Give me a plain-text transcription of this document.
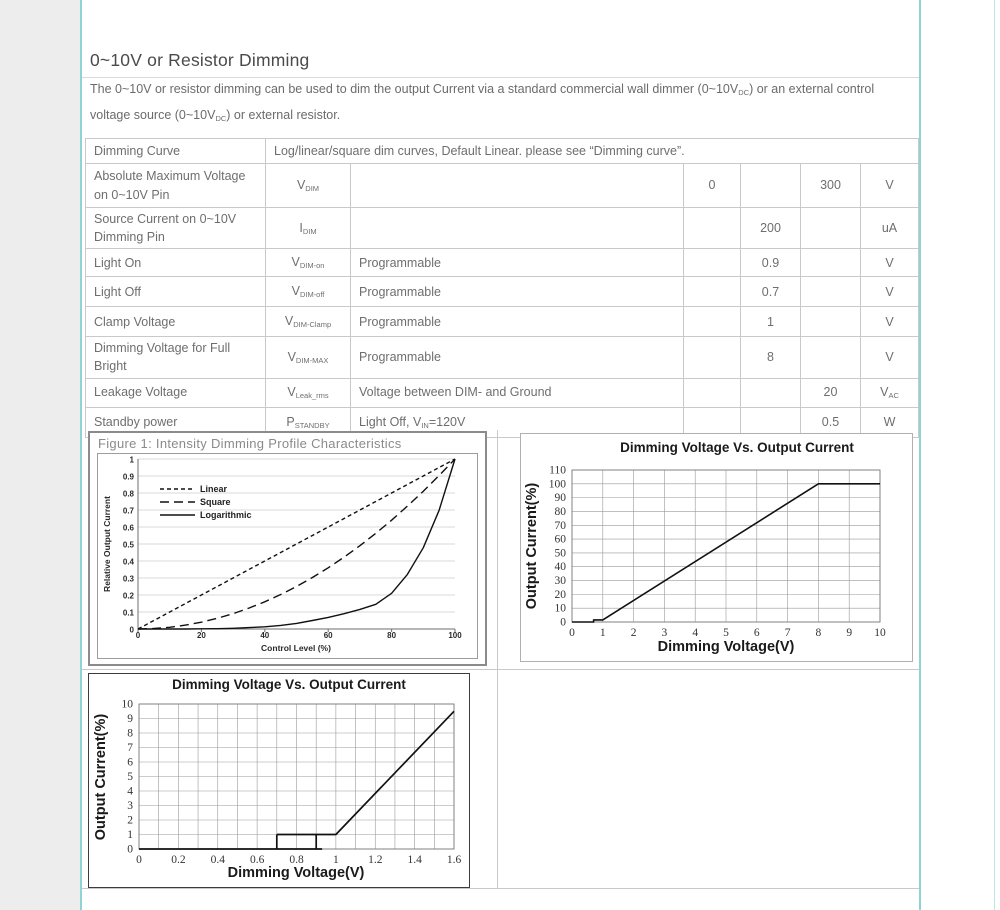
0~10V or Resistor Dimming

The 0~10V or resistor dimming can be used to dim the output Current via a standard commercial wall dimmer (0~10VDC) or an external control

voltage source (0~10VDC) or external resistor.

Dimming Curve	Log/linear/square dim curves, Default Linear. please see “Dimming curve”.					
Absolute Maximum Voltage on 0~10V Pin	VDIM		0		300	V
Source Current on 0~10V Dimming Pin	IDIM			200		uA
Light On	VDIM-on	Programmable		0.9		V
Light Off	VDIM-off	Programmable		0.7		V
Clamp Voltage	VDIM-Clamp	Programmable		1		V
Dimming Voltage for Full Bright	VDIM-MAX	Programmable		8		V
Leakage Voltage	VLeak_rms	Voltage between DIM- and Ground			20	VAC
Standby power	PSTANDBY	Light Off, VIN=120V			0.5	W
Figure 1: Intensity Dimming Profile Characteristics
0
0.1
0.2
0.3
0.4
0.5
0.6
0.7
0.8
0.9
1
0	20	40	60	80	100
Control Level (%)
Relative Output Current
Linear
Square
Logarithmic
0
10
20
30
40
50
60
70
80
90
100
110
0 1 2 3 4 5 6 7 8 9 10
Dimming Voltage Vs. Output Current
Dimming Voltage(V)
Output Current(%)
0
1
2
3
4
5
6
7
8
9
10
0	0.2 0.4 0.6 0.8	1	1.2 1.4 1.6
Dimming Voltage Vs. Output Current
Dimming Voltage(V)
Output Current(%)
